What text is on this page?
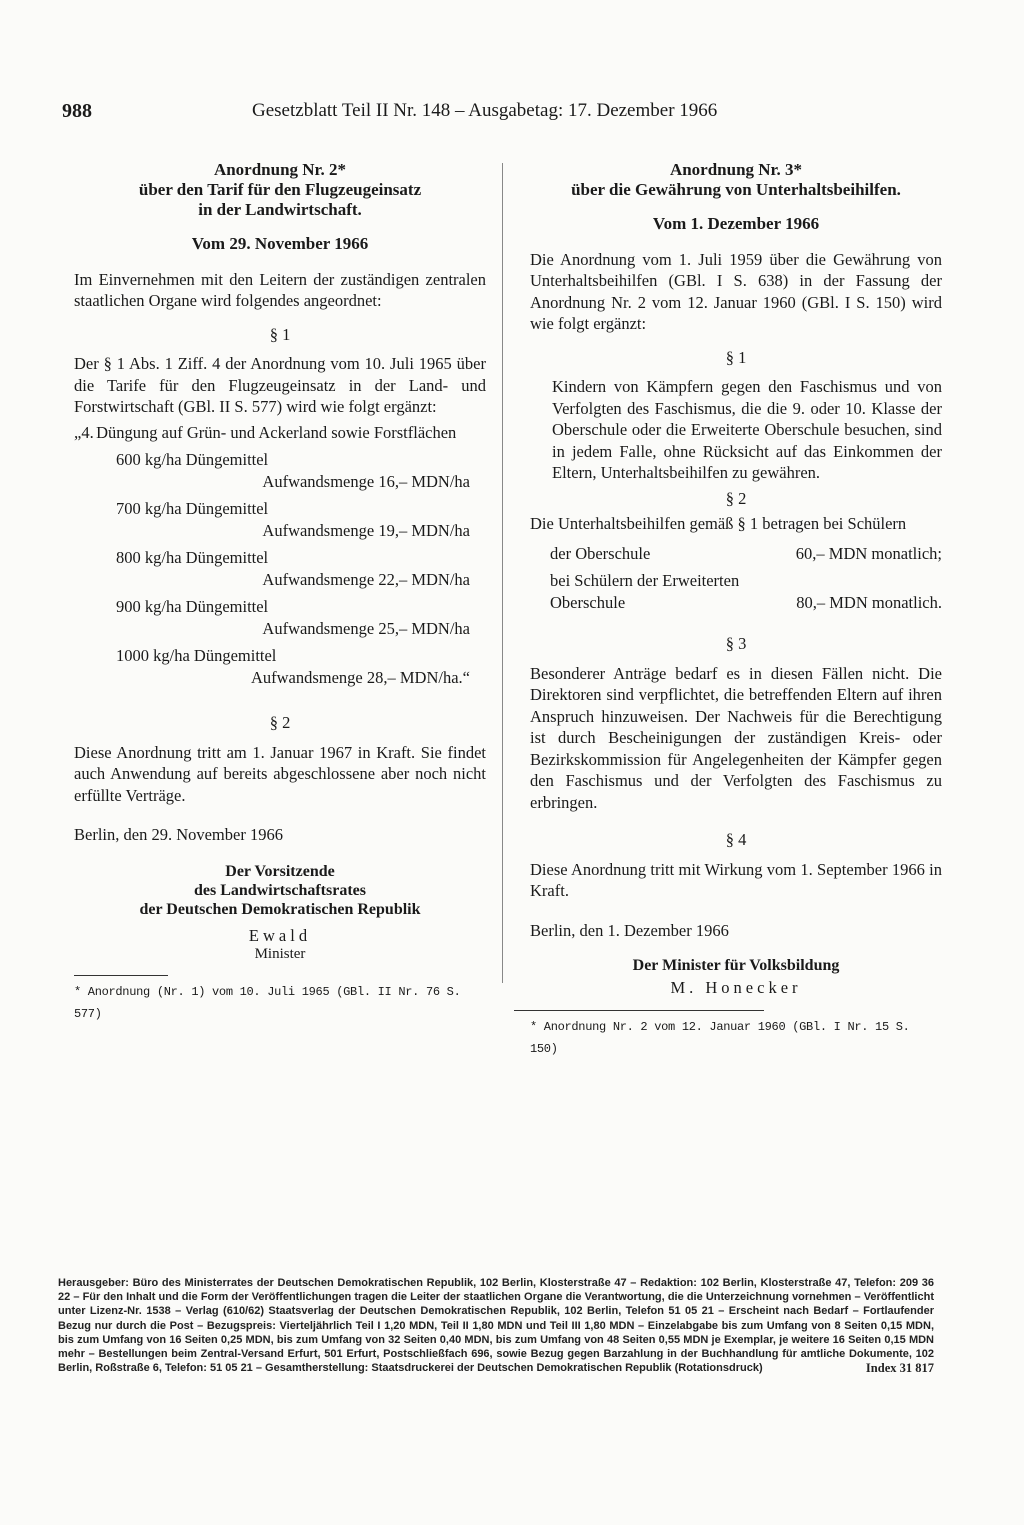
988	Gesetzblatt Teil II Nr. 148 – Ausgabetag: 17. Dezember 1966
Anordnung Nr. 2*
über den Tarif für den Flugzeugeinsatz
in der Landwirtschaft.
Vom 29. November 1966

Im Einvernehmen mit den Leitern der zuständigen zentralen staatlichen Organe wird folgendes angeordnet:

§ 1

Der § 1 Abs. 1 Ziff. 4 der Anordnung vom 10. Juli 1965 über die Tarife für den Flugzeugeinsatz in der Land- und Forstwirtschaft (GBl. II S. 577) wird wie folgt ergänzt:

„4. Düngung auf Grün- und Ackerland sowie Forstflächen
600 kg/ha Düngemittel
Aufwandsmenge 16,– MDN/ha
700 kg/ha Düngemittel
Aufwandsmenge 19,– MDN/ha
800 kg/ha Düngemittel
Aufwandsmenge 22,– MDN/ha
900 kg/ha Düngemittel
Aufwandsmenge 25,– MDN/ha
1000 kg/ha Düngemittel
Aufwandsmenge 28,– MDN/ha.“
§ 2

Diese Anordnung tritt am 1. Januar 1967 in Kraft. Sie findet auch Anwendung auf bereits abgeschlossene aber noch nicht erfüllte Verträge.

Berlin, den 29. November 1966
Der Vorsitzende
des Landwirtschaftsrates
der Deutschen Demokratischen Republik
Ewald
Minister
* Anordnung (Nr. 1) vom 10. Juli 1965 (GBl. II Nr. 76 S. 577)
Anordnung Nr. 3*
über die Gewährung von Unterhaltsbeihilfen.
Vom 1. Dezember 1966

Die Anordnung vom 1. Juli 1959 über die Gewährung von Unterhaltsbeihilfen (GBl. I S. 638) in der Fassung der Anordnung Nr. 2 vom 12. Januar 1960 (GBl. I S. 150) wird wie folgt ergänzt:

§ 1

Kindern von Kämpfern gegen den Faschismus und von Verfolgten des Faschismus, die die 9. oder 10. Klasse der Oberschule oder die Erweiterte Oberschule besuchen, sind in jedem Falle, ohne Rücksicht auf das Einkommen der Eltern, Unterhaltsbeihilfen zu gewähren.

§ 2

Die Unterhaltsbeihilfen gemäß § 1 betragen bei Schülern

der Oberschule	60,– MDN monatlich;
bei Schülern der Erweiterten Oberschule	80,– MDN monatlich.
§ 3

Besonderer Anträge bedarf es in diesen Fällen nicht. Die Direktoren sind verpflichtet, die betreffenden Eltern auf ihren Anspruch hinzuweisen. Der Nachweis für die Berechtigung ist durch Bescheinigungen der zuständigen Kreis- oder Bezirkskommission für Angelegenheiten der Kämpfer gegen den Faschismus und der Verfolgten des Faschismus zu erbringen.

§ 4

Diese Anordnung tritt mit Wirkung vom 1. September 1966 in Kraft.

Berlin, den 1. Dezember 1966
Der Minister für Volksbildung
M. Honecker
* Anordnung Nr. 2 vom 12. Januar 1960 (GBl. I Nr. 15 S. 150)
Herausgeber: Büro des Ministerrates der Deutschen Demokratischen Republik, 102 Berlin, Klosterstraße 47 – Redaktion: 102 Berlin, Klosterstraße 47, Telefon: 209 36 22 – Für den Inhalt und die Form der Veröffentlichungen tragen die Leiter der staatlichen Organe die Verantwortung, die die Unterzeichnung vornehmen – Veröffentlicht unter Lizenz-Nr. 1538 – Verlag (610/62) Staatsverlag der Deutschen Demokratischen Republik, 102 Berlin, Telefon 51 05 21 – Erscheint nach Bedarf – Fortlaufender Bezug nur durch die Post – Bezugspreis: Vierteljährlich Teil I 1,20 MDN, Teil II 1,80 MDN und Teil III 1,80 MDN – Einzelabgabe bis zum Umfang von 8 Seiten 0,15 MDN, bis zum Umfang von 16 Seiten 0,25 MDN, bis zum Umfang von 32 Seiten 0,40 MDN, bis zum Umfang von 48 Seiten 0,55 MDN je Exemplar, je weitere 16 Seiten 0,15 MDN mehr – Bestellungen beim Zentral-Versand Erfurt, 501 Erfurt, Postschließfach 696, sowie Bezug gegen Barzahlung in der Buchhandlung für amtliche Dokumente, 102 Berlin, Roßstraße 6, Telefon: 51 05 21 – Gesamtherstellung: Staatsdruckerei der Deutschen Demokratischen Republik (Rotationsdruck)	Index 31 817
